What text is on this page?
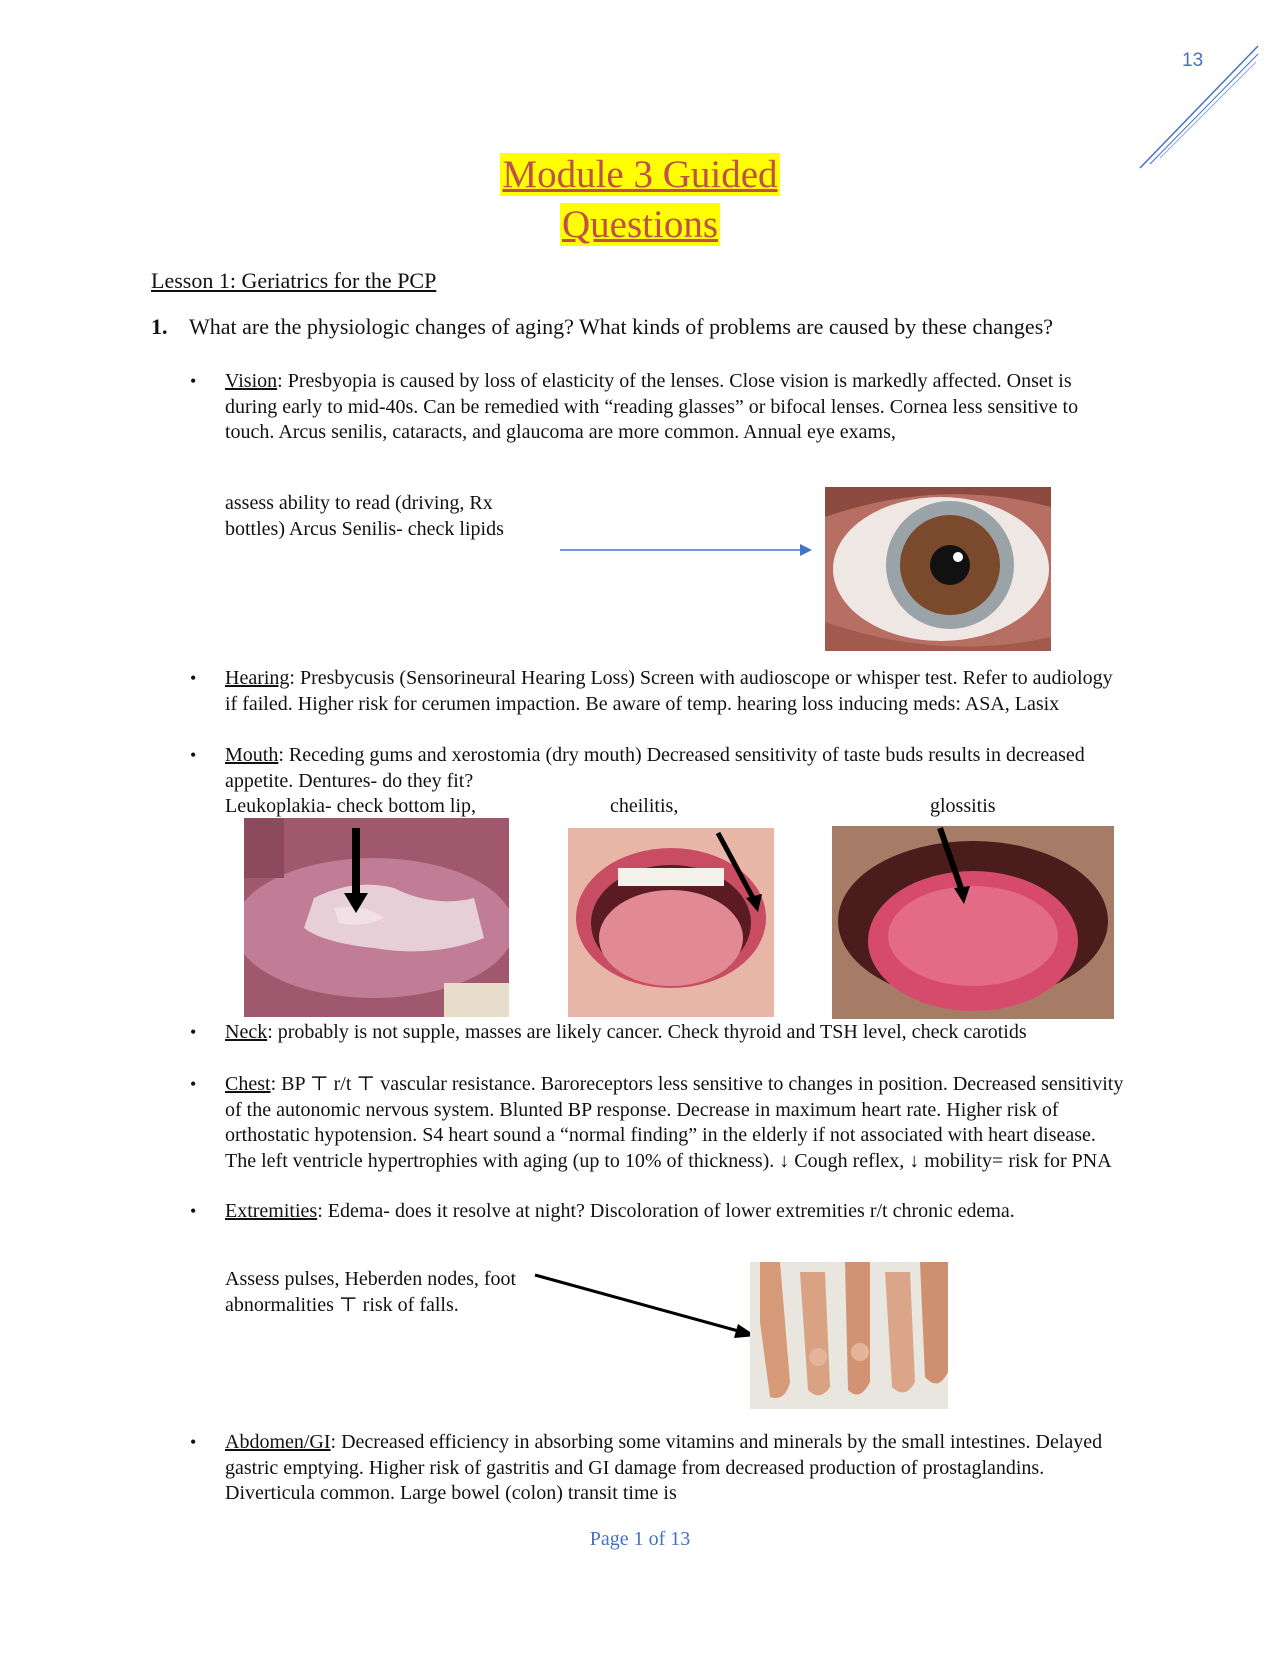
13
Module 3 Guided
Questions
Lesson 1: Geriatrics for the PCP
1. What are the physiologic changes of aging? What kinds of problems are caused by these changes?
• Vision: Presbyopia is caused by loss of elasticity of the lenses. Close vision is markedly affected. Onset is during early to mid-40s. Can be remedied with “reading glasses” or bifocal lenses. Cornea less sensitive to touch. Arcus senilis, cataracts, and glaucoma are more common. Annual eye exams,
assess ability to read (driving, Rx bottles) Arcus Senilis- check lipids
• Hearing: Presbycusis (Sensorineural Hearing Loss) Screen with audioscope or whisper test. Refer to audiology if failed. Higher risk for cerumen impaction. Be aware of temp. hearing loss inducing meds: ASA, Lasix
• Mouth: Receding gums and xerostomia (dry mouth) Decreased sensitivity of taste buds results in decreased appetite. Dentures- do they fit?
Leukoplakia- check bottom lip,	cheilitis,	glossitis
• Neck: probably is not supple, masses are likely cancer. Check thyroid and TSH level, check carotids
• Chest: BP ⊤ r/t ⊤ vascular resistance. Baroreceptors less sensitive to changes in position. Decreased sensitivity of the autonomic nervous system. Blunted BP response. Decrease in maximum heart rate. Higher risk of orthostatic hypotension. S4 heart sound a “normal finding” in the elderly if not associated with heart disease. The left ventricle hypertrophies with aging (up to 10% of thickness). ↓ Cough reflex, ↓ mobility= risk for PNA
• Extremities: Edema- does it resolve at night? Discoloration of lower extremities r/t chronic edema.
Assess pulses, Heberden nodes, foot abnormalities ⊤ risk of falls.
• Abdomen/GI: Decreased efficiency in absorbing some vitamins and minerals by the small intestines. Delayed gastric emptying. Higher risk of gastritis and GI damage from decreased production of prostaglandins. Diverticula common. Large bowel (colon) transit time is
Page 1 of 13
